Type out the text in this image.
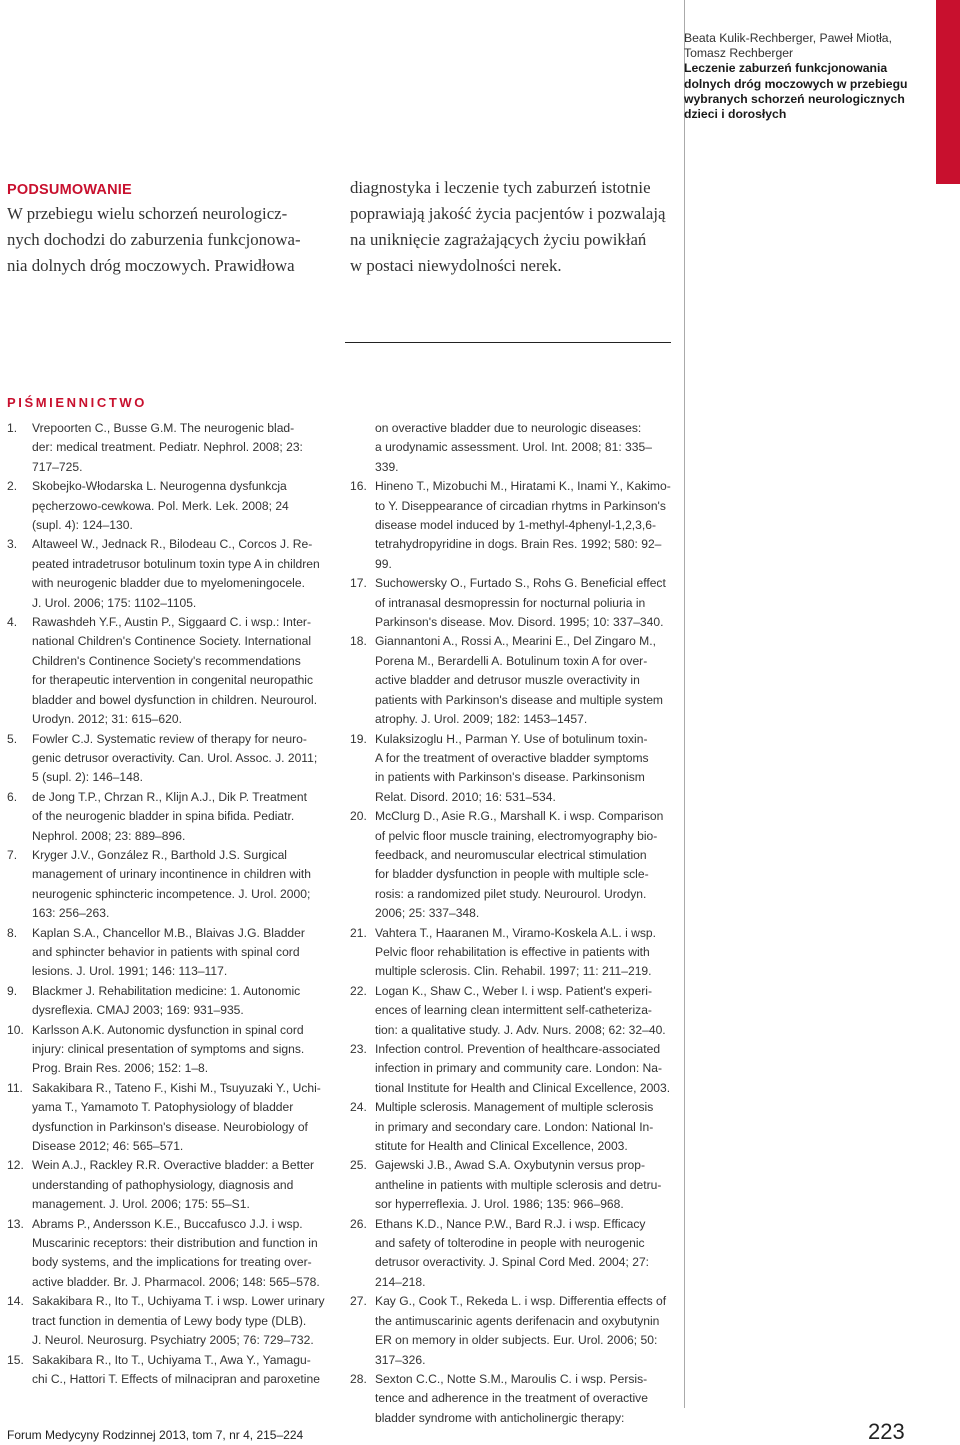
Beata Kulik-Rechberger, Paweł Miotła,
Tomasz Rechberger
Leczenie zaburzeń funkcjonowania
dolnych dróg moczowych w przebiegu
wybranych schorzeń neurologicznych
dzieci i dorosłych
PODSUMOWANIE
W przebiegu wielu schorzeń neurologicz-
nych dochodzi do zaburzenia funkcjonowa-
nia dolnych dróg moczowych. Prawidłowa
diagnostyka i leczenie tych zaburzeń istotnie
poprawiają jakość życia pacjentów i pozwalają
na uniknięcie zagrażających życiu powikłań
w postaci niewydolności nerek.
PIŚMIENNICTWO
1. Vrepoorten C., Busse G.M. The neurogenic blad-
der: medical treatment. Pediatr. Nephrol. 2008; 23:
717–725.
2. Skobejko-Włodarska L. Neurogenna dysfunkcja
pęcherzowo-cewkowa. Pol. Merk. Lek. 2008; 24
(supl. 4): 124–130.
3. Altaweel W., Jednack R., Bilodeau C., Corcos J. Re-
peated intradetrusor botulinum toxin type A in children
with neurogenic bladder due to myelomeningocele.
J. Urol. 2006; 175: 1102–1105.
4. Rawashdeh Y.F., Austin P., Siggaard C. i wsp.: Inter-
national Children's Continence Society. International
Children's Continence Society's recommendations
for therapeutic intervention in congenital neuropathic
bladder and bowel dysfunction in children. Neurourol.
Urodyn. 2012; 31: 615–620.
5. Fowler C.J. Systematic review of therapy for neuro-
genic detrusor overactivity. Can. Urol. Assoc. J. 2011;
5 (supl. 2): 146–148.
6. de Jong T.P., Chrzan R., Klijn A.J., Dik P. Treatment
of the neurogenic bladder in spina bifida. Pediatr.
Nephrol. 2008; 23: 889–896.
7. Kryger J.V., González R., Barthold J.S. Surgical
management of urinary incontinence in children with
neurogenic sphincteric incompetence. J. Urol. 2000;
163: 256–263.
8. Kaplan S.A., Chancellor M.B., Blaivas J.G. Bladder
and sphincter behavior in patients with spinal cord
lesions. J. Urol. 1991; 146: 113–117.
9. Blackmer J. Rehabilitation medicine: 1. Autonomic
dysreflexia. CMAJ 2003; 169: 931–935.
10. Karlsson A.K. Autonomic dysfunction in spinal cord
injury: clinical presentation of symptoms and signs.
Prog. Brain Res. 2006; 152: 1–8.
11. Sakakibara R., Tateno F., Kishi M., Tsuyuzaki Y., Uchi-
yama T., Yamamoto T. Patophysiology of bladder
dysfunction in Parkinson's disease. Neurobiology of
Disease 2012; 46: 565–571.
12. Wein A.J., Rackley R.R. Overactive bladder: a Better
understanding of pathophysiology, diagnosis and
management. J. Urol. 2006; 175: 55–S1.
13. Abrams P., Andersson K.E., Buccafusco J.J. i wsp.
Muscarinic receptors: their distribution and function in
body systems, and the implications for treating over-
active bladder. Br. J. Pharmacol. 2006; 148: 565–578.
14. Sakakibara R., Ito T., Uchiyama T. i wsp. Lower urinary
tract function in dementia of Lewy body type (DLB).
J. Neurol. Neurosurg. Psychiatry 2005; 76: 729–732.
15. Sakakibara R., Ito T., Uchiyama T., Awa Y., Yamagu-
chi C., Hattori T. Effects of milnacipran and paroxetine
on overactive bladder due to neurologic diseases:
a urodynamic assessment. Urol. Int. 2008; 81: 335–339.
16. Hineno T., Mizobuchi M., Hiratami K., Inami Y., Kakimo-
to Y. Diseppearance of circadian rhytms in Parkinson's
disease model induced by 1-methyl-4phenyl-1,2,3,6-
tetrahydropyridine in dogs. Brain Res. 1992; 580: 92–99.
17. Suchowersky O., Furtado S., Rohs G. Beneficial effect
of intranasal desmopressin for nocturnal poliuria in
Parkinson's disease. Mov. Disord. 1995; 10: 337–340.
18. Giannantoni A., Rossi A., Mearini E., Del Zingaro M.,
Porena M., Berardelli A. Botulinum toxin A for over-
active bladder and detrusor muszle overactivity in
patients with Parkinson's disease and multiple system
atrophy. J. Urol. 2009; 182: 1453–1457.
19. Kulaksizoglu H., Parman Y. Use of botulinum toxin-
A for the treatment of overactive bladder symptoms
in patients with Parkinson's disease. Parkinsonism
Relat. Disord. 2010; 16: 531–534.
20. McClurg D., Asie R.G., Marshall K. i wsp. Comparison
of pelvic floor muscle training, electromyography bio-
feedback, and neuromuscular electrical stimulation
for bladder dysfunction in people with multiple scle-
rosis: a randomized pilet study. Neurourol. Urodyn.
2006; 25: 337–348.
21. Vahtera T., Haaranen M., Viramo-Koskela A.L. i wsp.
Pelvic floor rehabilitation is effective in patients with
multiple sclerosis. Clin. Rehabil. 1997; 11: 211–219.
22. Logan K., Shaw C., Weber I. i wsp. Patient's experi-
ences of learning clean intermittent self-catheteriza-
tion: a qualitative study. J. Adv. Nurs. 2008; 62: 32–40.
23. Infection control. Prevention of healthcare-associated
infection in primary and community care. London: Na-
tional Institute for Health and Clinical Excellence, 2003.
24. Multiple sclerosis. Management of multiple sclerosis
in primary and secondary care. London: National In-
stitute for Health and Clinical Excellence, 2003.
25. Gajewski J.B., Awad S.A. Oxybutynin versus prop-
antheline in patients with multiple sclerosis and detru-
sor hyperreflexia. J. Urol. 1986; 135: 966–968.
26. Ethans K.D., Nance P.W., Bard R.J. i wsp. Efficacy
and safety of tolterodine in people with neurogenic
detrusor overactivity. J. Spinal Cord Med. 2004; 27:
214–218.
27. Kay G., Cook T., Rekeda L. i wsp. Differentia effects of
the antimuscarinic agents derifenacin and oxybutynin
ER on memory in older subjects. Eur. Urol. 2006; 50:
317–326.
28. Sexton C.C., Notte S.M., Maroulis C. i wsp. Persis-
tence and adherence in the treatment of overactive
bladder syndrome with anticholinergic therapy:
Forum Medycyny Rodzinnej 2013, tom 7, nr 4, 215–224	223
